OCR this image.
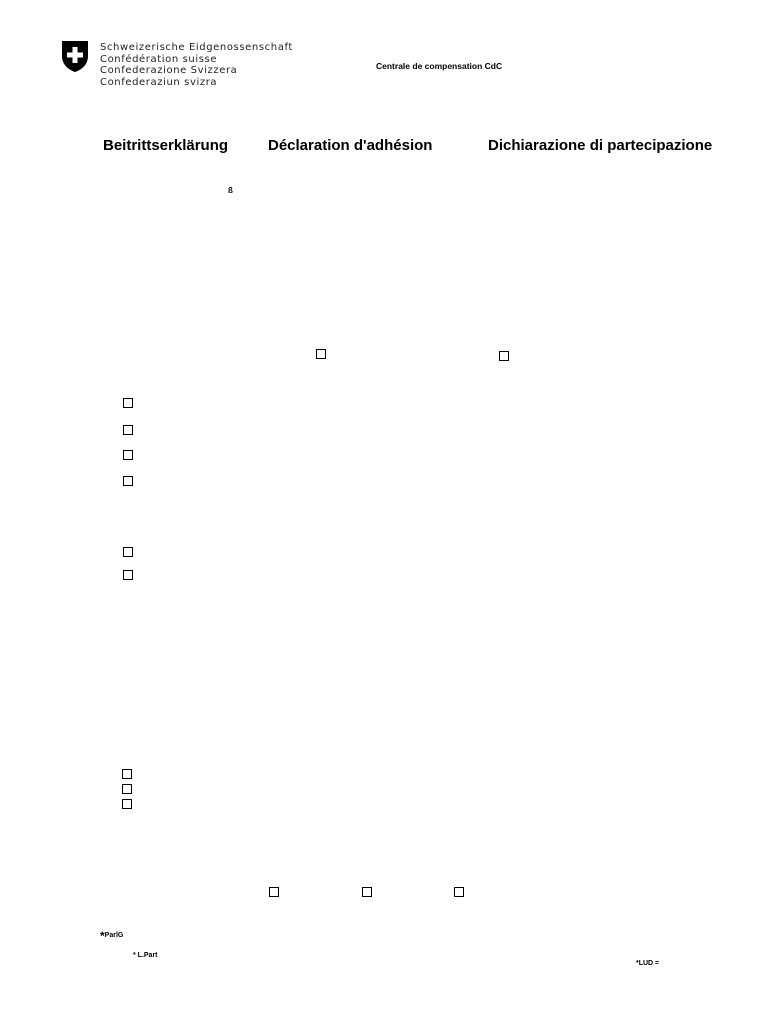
Schweizerische Eidgenossenschaft
Confédération suisse
Confederazione Svizzera
Confederaziun svizra
Centrale de compensation CdC
Beitrittserklärung	Déclaration d'adhésion	Dichiarazione di partecipazione
ß
*ParlG
* L.Part
*LUD =
